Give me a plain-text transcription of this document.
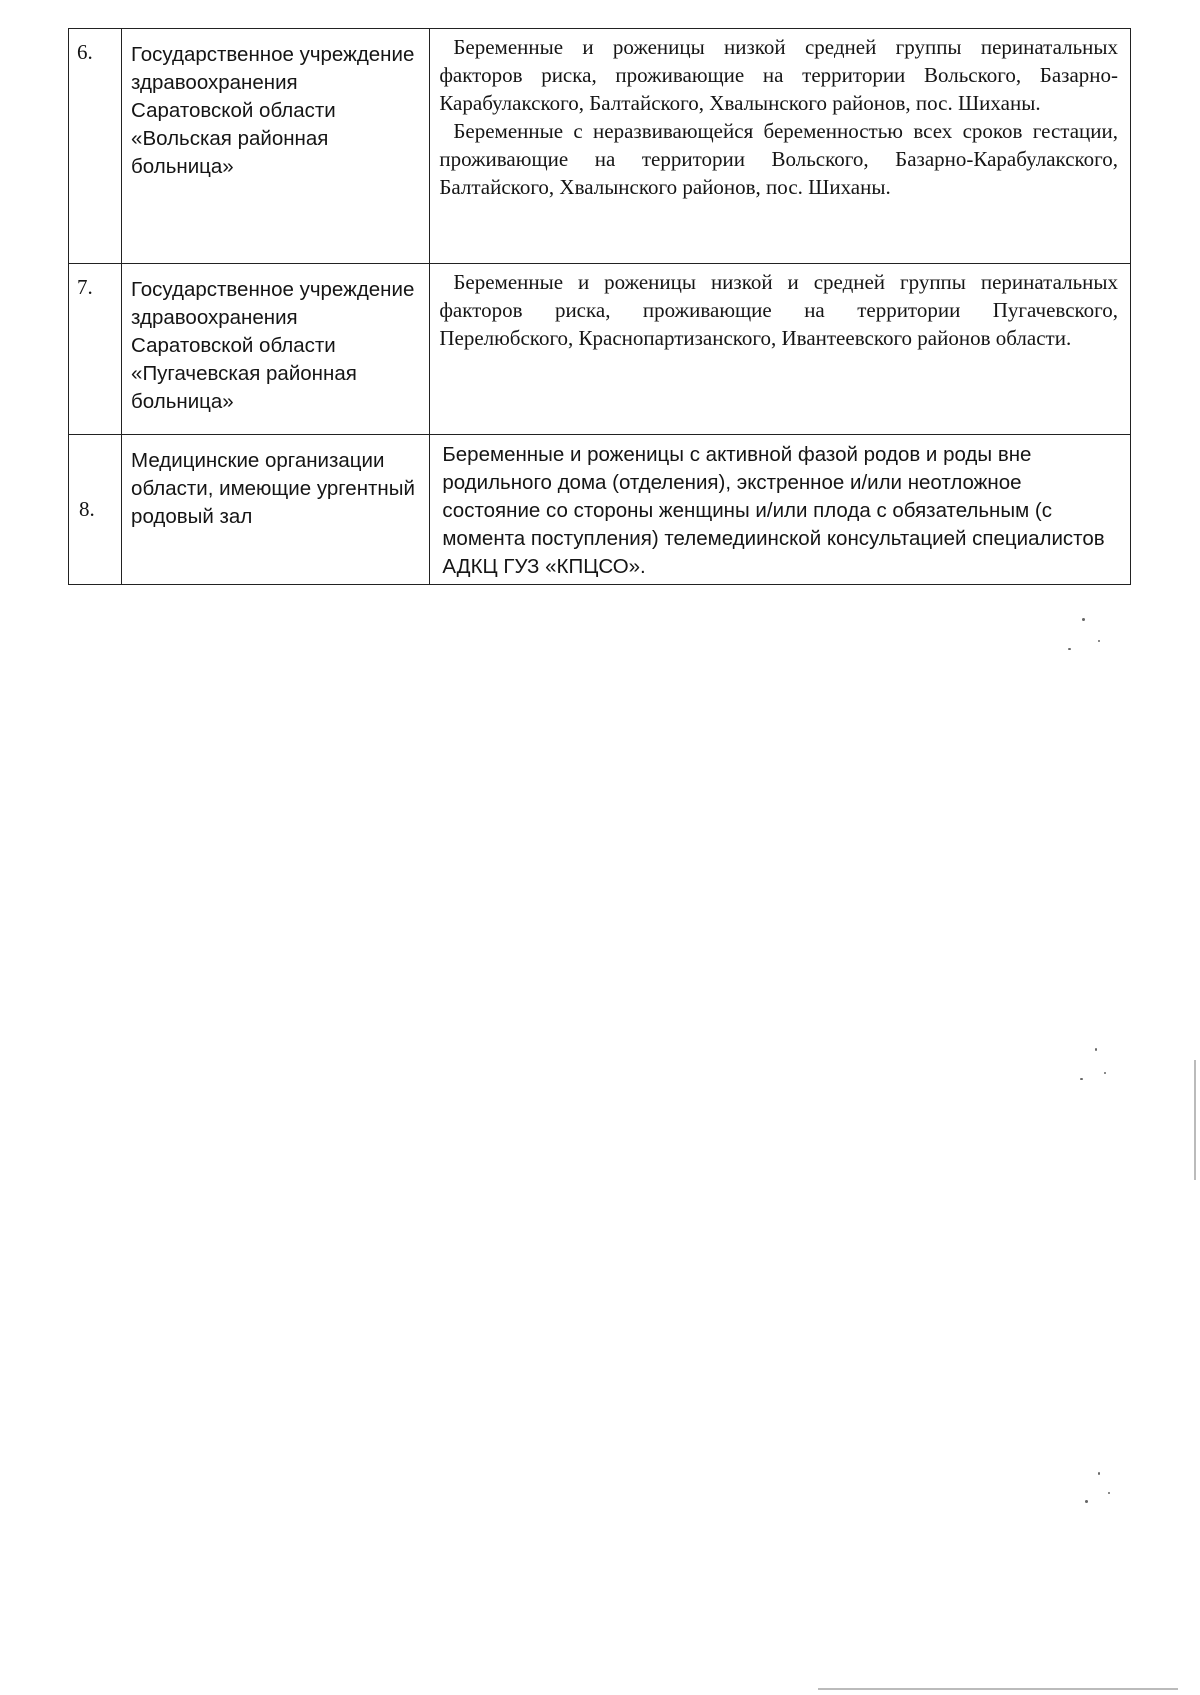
6.	Государственное учреждение здравоохранения Саратовской области «Вольская районная больница»	Беременные и роженицы низкой средней группы перинатальных факторов риска, проживающие на территории Вольского, Базарно-Карабулакского, Балтайского, Хвалынского районов, пос. Шиханы.

Беременные с неразвивающейся беременностью всех сроков гестации, проживающие на территории Вольского, Базарно-Карабулакского, Балтайского, Хвалынского районов, пос. Шиханы.

7.	Государственное учреждение здравоохранения Саратовской области «Пугачевская районная больница»	Беременные и роженицы низкой и средней группы перинатальных факторов риска, проживающие на территории Пугачевского, Перелюбского, Краснопартизанского, Ивантеевского районов области.

8.	Медицинские организации области, имеющие ургентный родовый зал	Беременные и роженицы с активной фазой родов и роды вне родильного дома (отделения), экстренное и/или неотложное состояние со стороны женщины и/или плода с обязательным (с момента поступления) телемедиинской консультацией специалистов АДКЦ ГУЗ «КПЦСО».
